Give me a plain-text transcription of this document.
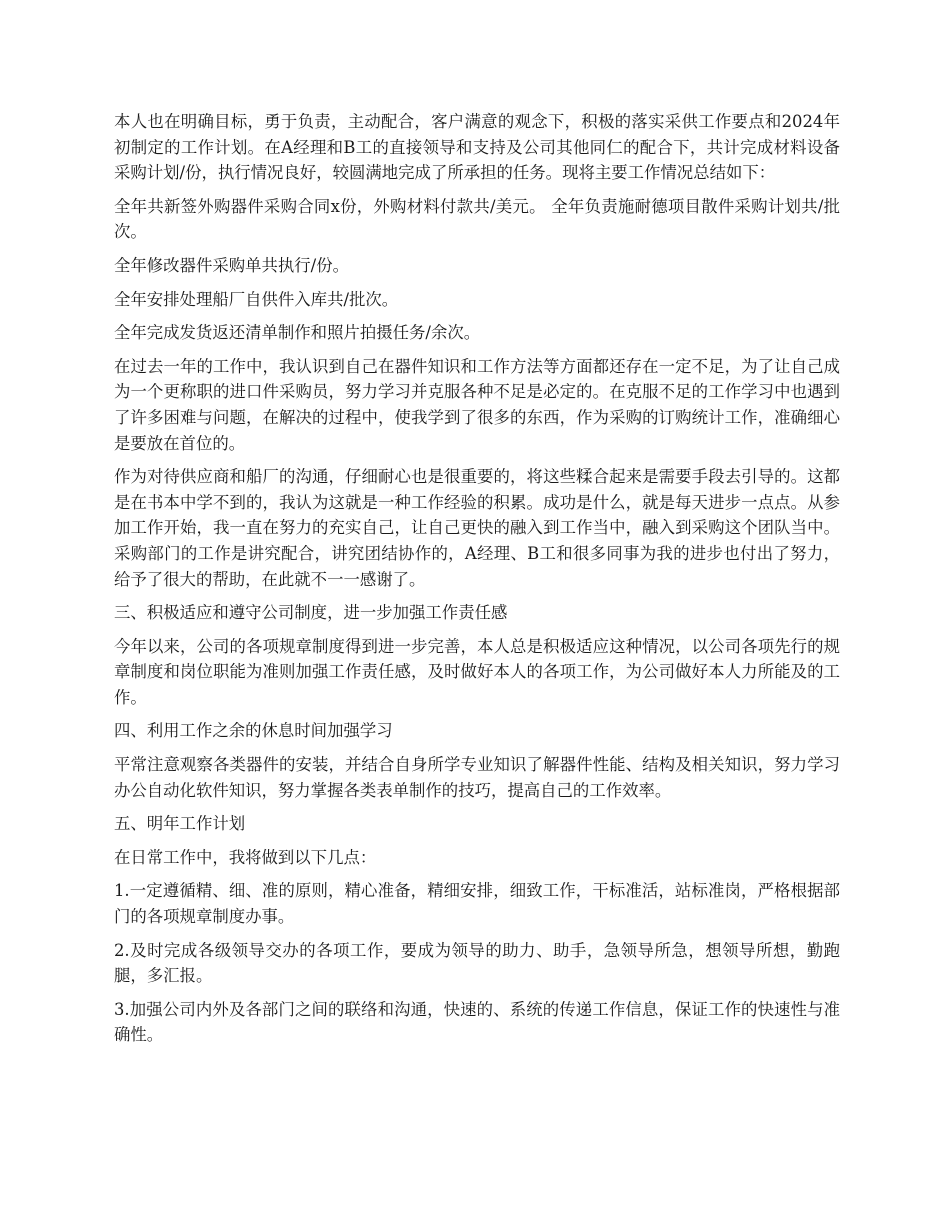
本人也在明确目标，勇于负责，主动配合，客户满意的观念下，积极的落实采供工作要点和2024年初制定的工作计划。在A经理和B工的直接领导和支持及公司其他同仁的配合下，共计完成材料设备采购计划/份，执行情况良好，较圆满地完成了所承担的任务。现将主要工作情况总结如下：

全年共新签外购器件采购合同x份，外购材料付款共/美元。 全年负责施耐德项目散件采购计划共/批次。

全年修改器件采购单共执行/份。

全年安排处理船厂自供件入库共/批次。

全年完成发货返还清单制作和照片拍摄任务/余次。

在过去一年的工作中，我认识到自己在器件知识和工作方法等方面都还存在一定不足，为了让自己成为一个更称职的进口件采购员，努力学习并克服各种不足是必定的。在克服不足的工作学习中也遇到了许多困难与问题，在解决的过程中，使我学到了很多的东西，作为采购的订购统计工作，准确细心是要放在首位的。

作为对待供应商和船厂的沟通，仔细耐心也是很重要的，将这些糅合起来是需要手段去引导的。这都是在书本中学不到的，我认为这就是一种工作经验的积累。成功是什么，就是每天进步一点点。从参加工作开始，我一直在努力的充实自己，让自己更快的融入到工作当中，融入到采购这个团队当中。采购部门的工作是讲究配合，讲究团结协作的，A经理、B工和很多同事为我的进步也付出了努力，给予了很大的帮助，在此就不一一感谢了。

三、积极适应和遵守公司制度，进一步加强工作责任感

今年以来，公司的各项规章制度得到进一步完善，本人总是积极适应这种情况，以公司各项先行的规章制度和岗位职能为准则加强工作责任感，及时做好本人的各项工作，为公司做好本人力所能及的工作。

四、利用工作之余的休息时间加强学习

平常注意观察各类器件的安装，并结合自身所学专业知识了解器件性能、结构及相关知识，努力学习办公自动化软件知识，努力掌握各类表单制作的技巧，提高自己的工作效率。

五、明年工作计划

在日常工作中，我将做到以下几点：

1.一定遵循精、细、准的原则，精心准备，精细安排，细致工作，干标准活，站标准岗，严格根据部门的各项规章制度办事。

2.及时完成各级领导交办的各项工作，要成为领导的助力、助手，急领导所急，想领导所想，勤跑腿，多汇报。

3.加强公司内外及各部门之间的联络和沟通，快速的、系统的传递工作信息，保证工作的快速性与准确性。
